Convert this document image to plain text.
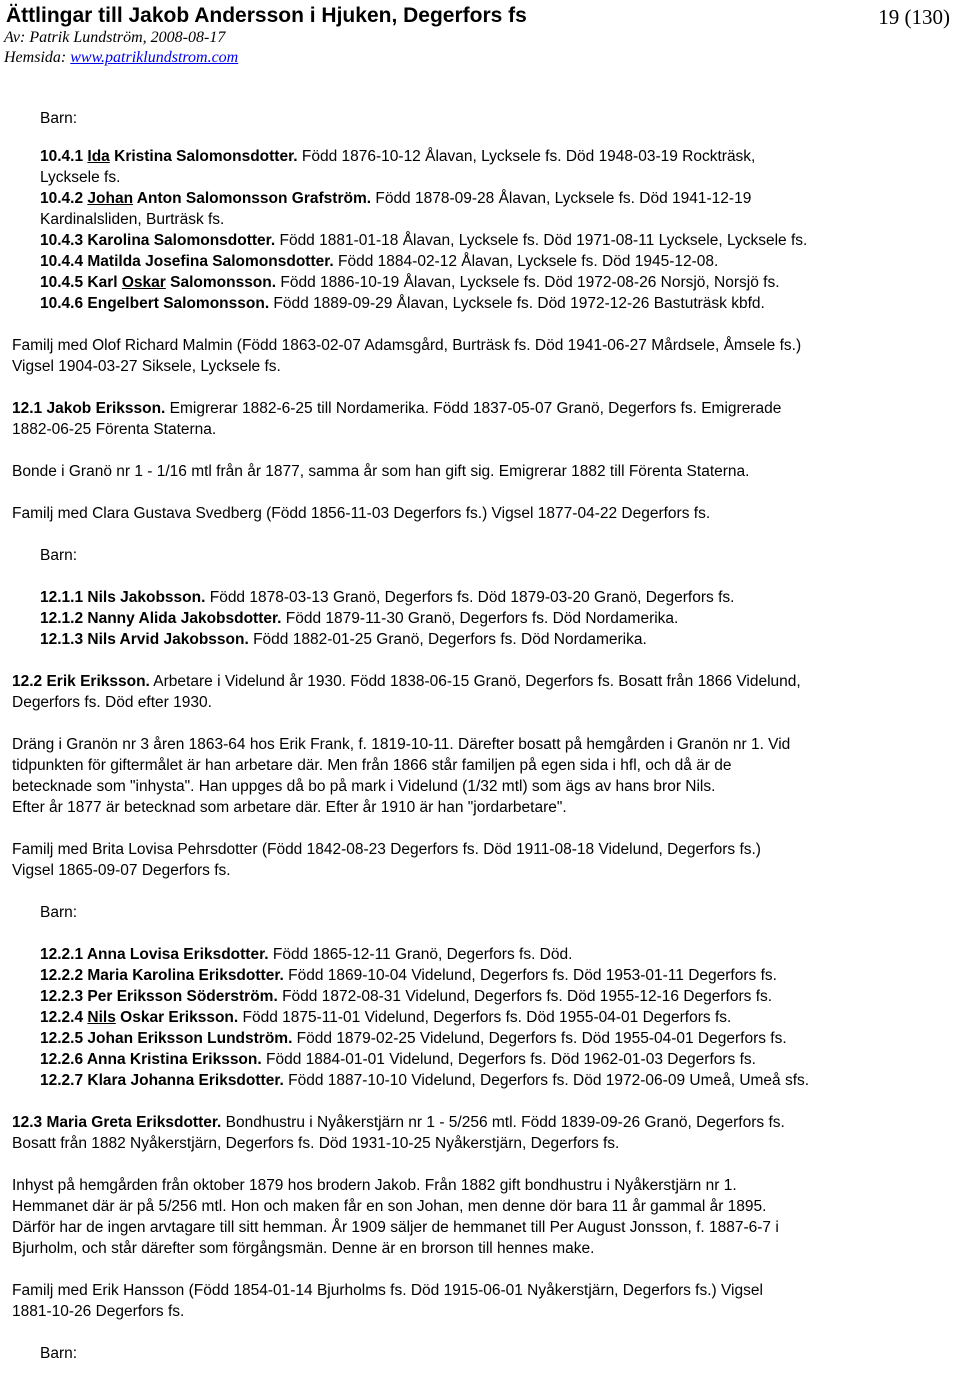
Ättlingar till Jakob Andersson i Hjuken, Degerfors fs	19 (130)
Av: Patrik Lundström, 2008-08-17
Hemsida: www.patriklundstrom.com

Barn:

10.4.1 Ida Kristina Salomonsdotter. Född 1876-10-12 Ålavan, Lycksele fs. Död 1948-03-19 Rockträsk,

Lycksele fs.

10.4.2 Johan Anton Salomonsson Grafström. Född 1878-09-28 Ålavan, Lycksele fs. Död 1941-12-19

Kardinalsliden, Burträsk fs.

10.4.3 Karolina Salomonsdotter. Född 1881-01-18 Ålavan, Lycksele fs. Död 1971-08-11 Lycksele, Lycksele fs.

10.4.4 Matilda Josefina Salomonsdotter. Född 1884-02-12 Ålavan, Lycksele fs. Död 1945-12-08.

10.4.5 Karl Oskar Salomonsson. Född 1886-10-19 Ålavan, Lycksele fs. Död 1972-08-26 Norsjö, Norsjö fs.

10.4.6 Engelbert Salomonsson. Född 1889-09-29 Ålavan, Lycksele fs. Död 1972-12-26 Bastuträsk kbfd.

Familj med Olof Richard Malmin (Född 1863-02-07 Adamsgård, Burträsk fs. Död 1941-06-27 Mårdsele, Åmsele fs.)

Vigsel 1904-03-27 Siksele, Lycksele fs.

12.1 Jakob Eriksson. Emigrerar 1882-6-25 till Nordamerika. Född 1837-05-07 Granö, Degerfors fs. Emigrerade

1882-06-25 Förenta Staterna.

Bonde i Granö nr 1 - 1/16 mtl från år 1877, samma år som han gift sig. Emigrerar 1882 till Förenta Staterna.

Familj med Clara Gustava Svedberg (Född 1856-11-03 Degerfors fs.) Vigsel 1877-04-22 Degerfors fs.

Barn:

12.1.1 Nils Jakobsson. Född 1878-03-13 Granö, Degerfors fs. Död 1879-03-20 Granö, Degerfors fs.

12.1.2 Nanny Alida Jakobsdotter. Född 1879-11-30 Granö, Degerfors fs. Död Nordamerika.

12.1.3 Nils Arvid Jakobsson. Född 1882-01-25 Granö, Degerfors fs. Död Nordamerika.

12.2 Erik Eriksson. Arbetare i Videlund år 1930. Född 1838-06-15 Granö, Degerfors fs. Bosatt från 1866 Videlund,

Degerfors fs. Död efter 1930.

Dräng i Granön nr 3 åren 1863-64 hos Erik Frank, f. 1819-10-11. Därefter bosatt på hemgården i Granön nr 1. Vid

tidpunkten för giftermålet är han arbetare där. Men från 1866 står familjen på egen sida i hfl, och då är de

betecknade som "inhysta". Han uppges då bo på mark i Videlund (1/32 mtl) som ägs av hans bror Nils.

Efter år 1877 är betecknad som arbetare där. Efter år 1910 är han "jordarbetare".

Familj med Brita Lovisa Pehrsdotter (Född 1842-08-23 Degerfors fs. Död 1911-08-18 Videlund, Degerfors fs.)

Vigsel 1865-09-07 Degerfors fs.

Barn:

12.2.1 Anna Lovisa Eriksdotter. Född 1865-12-11 Granö, Degerfors fs. Död.

12.2.2 Maria Karolina Eriksdotter. Född 1869-10-04 Videlund, Degerfors fs. Död 1953-01-11 Degerfors fs.

12.2.3 Per Eriksson Söderström. Född 1872-08-31 Videlund, Degerfors fs. Död 1955-12-16 Degerfors fs.

12.2.4 Nils Oskar Eriksson. Född 1875-11-01 Videlund, Degerfors fs. Död 1955-04-01 Degerfors fs.

12.2.5 Johan Eriksson Lundström. Född 1879-02-25 Videlund, Degerfors fs. Död 1955-04-01 Degerfors fs.

12.2.6 Anna Kristina Eriksson. Född 1884-01-01 Videlund, Degerfors fs. Död 1962-01-03 Degerfors fs.

12.2.7 Klara Johanna Eriksdotter. Född 1887-10-10 Videlund, Degerfors fs. Död 1972-06-09 Umeå, Umeå sfs.

12.3 Maria Greta Eriksdotter. Bondhustru i Nyåkerstjärn nr 1 - 5/256 mtl. Född 1839-09-26 Granö, Degerfors fs.

Bosatt från 1882 Nyåkerstjärn, Degerfors fs. Död 1931-10-25 Nyåkerstjärn, Degerfors fs.

Inhyst på hemgården från oktober 1879 hos brodern Jakob. Från 1882 gift bondhustru i Nyåkerstjärn nr 1.

Hemmanet där är på 5/256 mtl. Hon och maken får en son Johan, men denne dör bara 11 år gammal år 1895.

Därför har de ingen arvtagare till sitt hemman. År 1909 säljer de hemmanet till Per August Jonsson, f. 1887-6-7 i

Bjurholm, och står därefter som förgångsmän. Denne är en brorson till hennes make.

Familj med Erik Hansson (Född 1854-01-14 Bjurholms fs. Död 1915-06-01 Nyåkerstjärn, Degerfors fs.) Vigsel

1881-10-26 Degerfors fs.

Barn:
